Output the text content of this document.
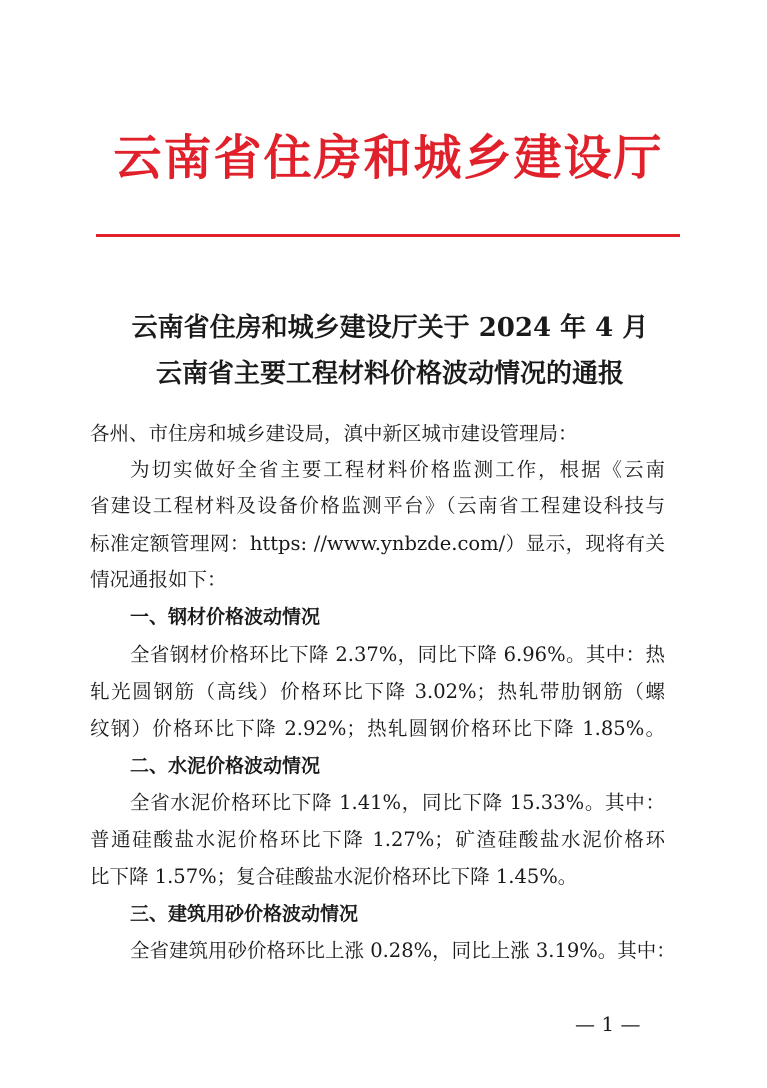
云南省住房和城乡建设厅
云南省住房和城乡建设厅关于 2024 年 4 月
云南省主要工程材料价格波动情况的通报
各州、市住房和城乡建设局，滇中新区城市建设管理局：
为切实做好全省主要工程材料价格监测工作，根据《云南
省建设工程材料及设备价格监测平台》（云南省工程建设科技与
标准定额管理网：https: //www.ynbzde.com/）显示，现将有关
情况通报如下：
一、钢材价格波动情况
全省钢材价格环比下降 2.37%，同比下降 6.96%。其中：热
轧光圆钢筋（高线）价格环比下降 3.02%；热轧带肋钢筋（螺
纹钢）价格环比下降 2.92%；热轧圆钢价格环比下降 1.85%。
二、水泥价格波动情况
全省水泥价格环比下降 1.41%，同比下降 15.33%。其中：
普通硅酸盐水泥价格环比下降 1.27%；矿渣硅酸盐水泥价格环
比下降 1.57%；复合硅酸盐水泥价格环比下降 1.45%。
三、建筑用砂价格波动情况
全省建筑用砂价格环比上涨 0.28%，同比上涨 3.19%。其中：
— 1 —
